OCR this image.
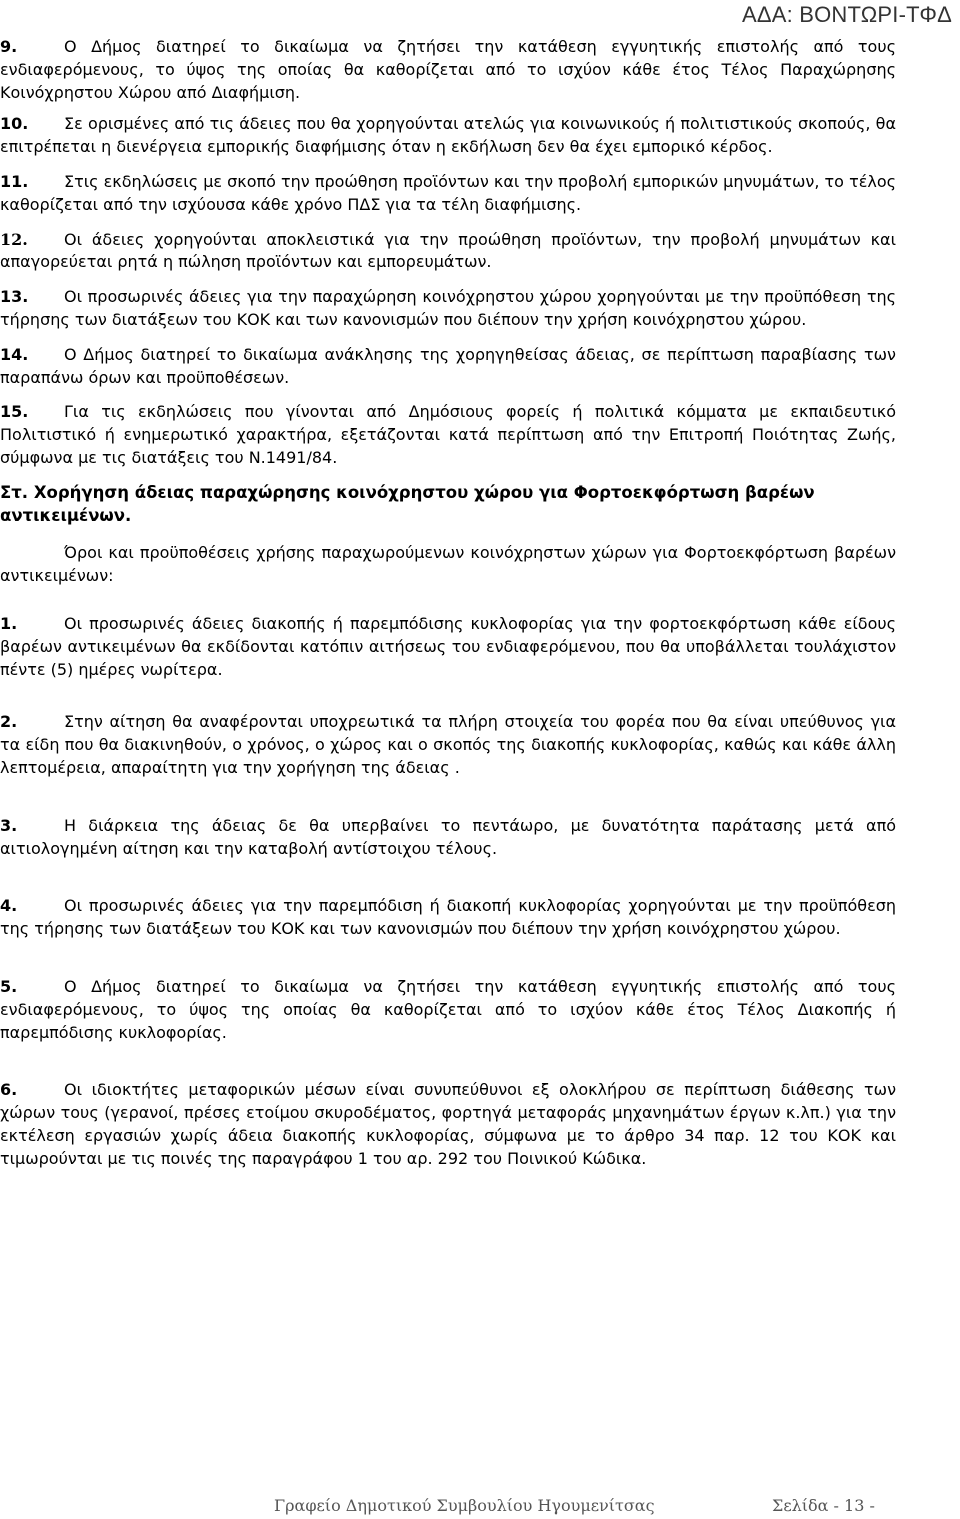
ΑΔΑ: ΒΟΝΤΩΡΙ-ΤΦΔ

9.	Ο Δήμος διατηρεί το δικαίωμα να ζητήσει την κατάθεση εγγυητικής επιστολής από τους ενδιαφερόμενους, το ύψος της οποίας θα καθορίζεται από το ισχύον κάθε έτος Τέλος Παραχώρησης Κοινόχρηστου Χώρου από Διαφήμιση.

10. Σε ορισμένες από τις άδειες που θα χορηγούνται ατελώς για κοινωνικούς ή πολιτιστικούς σκοπούς, θα επιτρέπεται η διενέργεια εμπορικής διαφήμισης όταν η εκδήλωση δεν θα έχει εμπορικό κέρδος.

11. Στις εκδηλώσεις με σκοπό την προώθηση προϊόντων και την προβολή εμπορικών μηνυμάτων, το τέλος καθορίζεται από την ισχύουσα κάθε χρόνο ΠΔΣ για τα τέλη διαφήμισης.

12. Οι άδειες χορηγούνται αποκλειστικά για την προώθηση προϊόντων, την προβολή μηνυμάτων και απαγορεύεται ρητά η πώληση προϊόντων και εμπορευμάτων.

13. Οι προσωρινές άδειες για την παραχώρηση κοινόχρηστου χώρου χορηγούνται με την προϋπόθεση της τήρησης των διατάξεων του ΚΟΚ και των κανονισμών που διέπουν την χρήση κοινόχρηστου χώρου.

14. Ο Δήμος διατηρεί το δικαίωμα ανάκλησης της χορηγηθείσας άδειας, σε περίπτωση παραβίασης των παραπάνω όρων και προϋποθέσεων.

15. Για τις εκδηλώσεις που γίνονται από Δημόσιους φορείς ή πολιτικά κόμματα με εκπαιδευτικό Πολιτιστικό ή ενημερωτικό χαρακτήρα, εξετάζονται κατά περίπτωση από την Επιτροπή Ποιότητας Ζωής, σύμφωνα με τις διατάξεις του Ν.1491/84.

Στ. Χορήγηση άδειας παραχώρησης κοινόχρηστου χώρου για Φορτοεκφόρτωση βαρέων αντικειμένων.

Όροι και προϋποθέσεις χρήσης παραχωρούμενων κοινόχρηστων χώρων για Φορτοεκφόρτωση βαρέων αντικειμένων:

1.	Οι προσωρινές άδειες διακοπής ή παρεμπόδισης κυκλοφορίας για την φορτοεκφόρτωση κάθε είδους βαρέων αντικειμένων θα εκδίδονται κατόπιν αιτήσεως του ενδιαφερόμενου, που θα υποβάλλεται τουλάχιστον πέντε (5) ημέρες νωρίτερα.

2.	Στην αίτηση θα αναφέρονται υποχρεωτικά τα πλήρη στοιχεία του φορέα που θα είναι υπεύθυνος για τα είδη που θα διακινηθούν, ο χρόνος, ο χώρος και ο σκοπός της διακοπής κυκλοφορίας, καθώς και κάθε άλλη λεπτομέρεια, απαραίτητη για την χορήγηση της άδειας .

3.	Η διάρκεια της άδειας δε θα υπερβαίνει το πεντάωρο, με δυνατότητα παράτασης μετά από αιτιολογημένη αίτηση και την καταβολή αντίστοιχου τέλους.

4.	Οι προσωρινές άδειες για την παρεμπόδιση ή διακοπή κυκλοφορίας χορηγούνται με την προϋπόθεση της τήρησης των διατάξεων του ΚΟΚ και των κανονισμών που διέπουν την χρήση κοινόχρηστου χώρου.

5.	Ο Δήμος διατηρεί το δικαίωμα να ζητήσει την κατάθεση εγγυητικής επιστολής από τους ενδιαφερόμενους, το ύψος της οποίας θα καθορίζεται από το ισχύον κάθε έτος Τέλος Διακοπής ή παρεμπόδισης κυκλοφορίας.

6.	Οι ιδιοκτήτες μεταφορικών μέσων είναι συνυπεύθυνοι εξ ολοκλήρου σε περίπτωση διάθεσης των χώρων τους (γερανοί, πρέσες ετοίμου σκυροδέματος, φορτηγά μεταφοράς μηχανημάτων έργων κ.λπ.) για την εκτέλεση εργασιών χωρίς άδεια διακοπής κυκλοφορίας, σύμφωνα με το άρθρο 34 παρ. 12 του ΚΟΚ και τιμωρούνται με τις ποινές της παραγράφου 1 του αρ. 292 του Ποινικού Κώδικα.

Γραφείο Δημοτικού Συμβουλίου Ηγουμενίτσας	Σελίδα - 13 -
